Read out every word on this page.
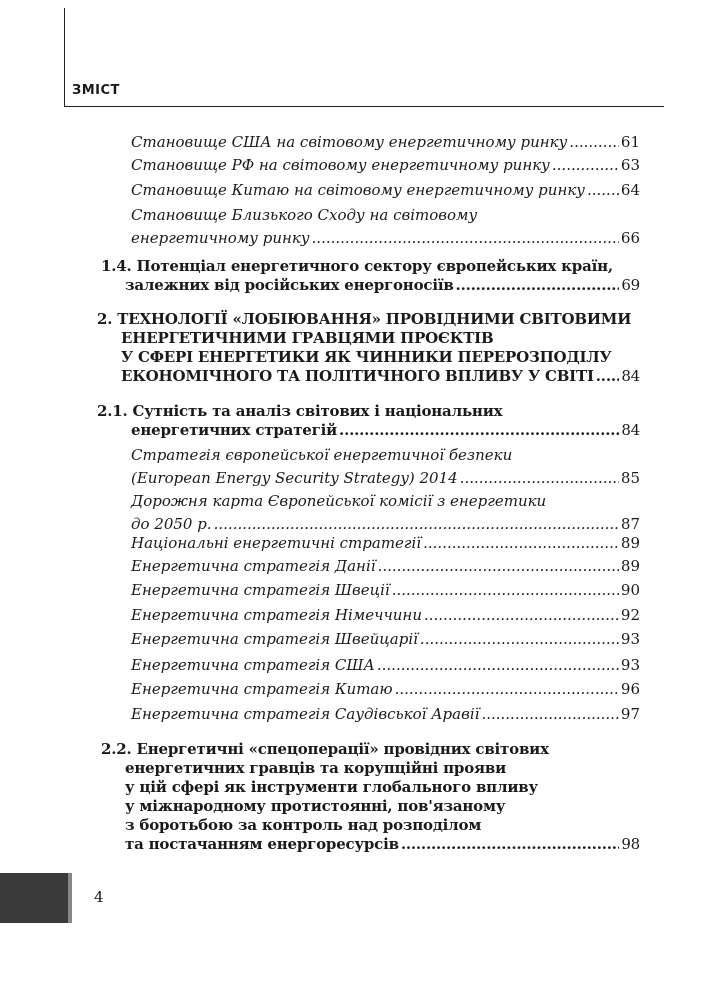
ЗМІСТ
Становище США на світовому енергетичному ринку .....	61
Становище РФ на світовому енергетичному ринку .....	63
Становище Китаю на світовому енергетичному ринку ..... 64
Становище Близького Сходу на світовому
енергетичному ринку .....	66
1.4. Потенціал енергетичного сектору європейських країн,
залежних від російських енергоносіїв .....	69
2. ТЕХНОЛОГІЇ «ЛОБІЮВАННЯ» ПРОВІДНИМИ СВІТОВИМИ
ЕНЕРГЕТИЧНИМИ ГРАВЦЯМИ ПРОЄКТІВ
У СФЕРІ ЕНЕРГЕТИКИ ЯК ЧИННИКИ ПЕРЕРОЗПОДІЛУ
ЕКОНОМІЧНОГО ТА ПОЛІТИЧНОГО ВПЛИВУ У СВІТІ ..... 84
2.1. Сутність та аналіз світових і національних
енергетичних стратегій .....	84
Стратегія європейської енергетичної безпеки
(European Energy Security Strategy) 2014 .....	85
Дорожня карта Європейської комісії з енергетики
до 2050 р. .....	87
Національні енергетичні стратегії .....	89
Енергетична стратегія Данії .....	89
Енергетична стратегія Швеції .....	90
Енергетична стратегія Німеччини .....	92
Енергетична стратегія Швейцарії .....	93
Енергетична стратегія США .....	93
Енергетична стратегія Китаю .....	96
Енергетична стратегія Саудівської Аравії .....	97
2.2. Енергетичні «спецоперації» провідних світових
енергетичних гравців та корупційні прояви
у цій сфері як інструменти глобального впливу
у міжнародному протистоянні, пов'язаному
з боротьбою за контроль над розподілом
та постачанням енергоресурсів .....	98
4
